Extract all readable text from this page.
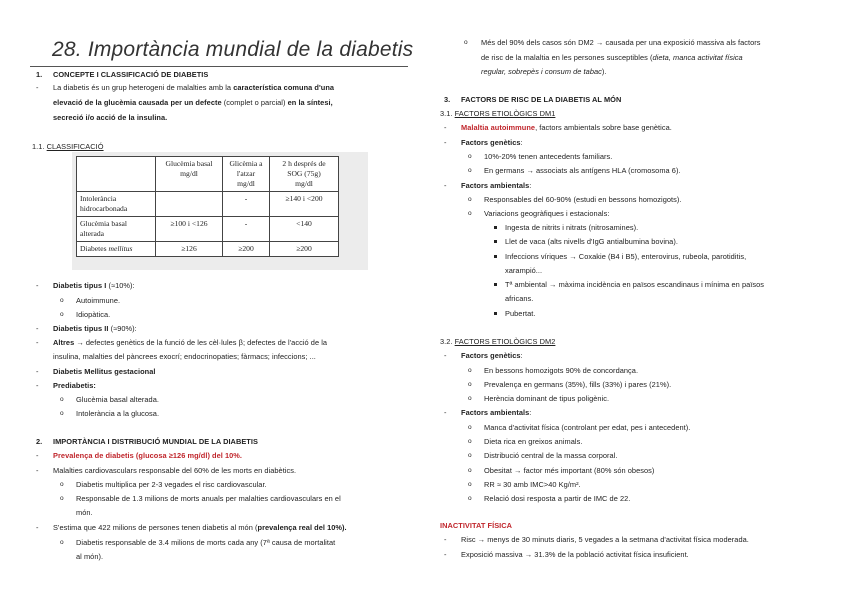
28. Importància mundial de la diabetis
1. CONCEPTE I CLASSIFICACIÓ DE DIABETIS
- La diabetis és un grup heterogeni de malalties amb la característica comuna d'una
elevació de la glucèmia causada per un defecte (complet o parcial) en la síntesi,
secreció i/o acció de la insulina.
1.1. CLASSIFICACIÓ
	Glucèmia basal
mg/dl	Glicèmia a
l'atzar
mg/dl	2 h després de
SOG (75g)
mg/dl
Intolerància
hidrocarbonada		-	≥140 i <200
Glucèmia basal
alterada	≥100 i <126	-	<140
Diabetes mellitus	≥126	≥200	≥200
- Diabetis tipus I (≈10%):
o Autoimmune.
o Idiopàtica.
- Diabetis tipus II (≈90%):
- Altres → defectes genètics de la funció de les cèl·lules β; defectes de l'acció de la
insulina, malalties del pàncrees exocrí; endocrinopaties; fàrmacs; infeccions; ...
- Diabetis Mellitus gestacional
- Prediabetis:
o Glucèmia basal alterada.
o Intolerància a la glucosa.
2. IMPORTÀNCIA I DISTRIBUCIÓ MUNDIAL DE LA DIABETIS
- Prevalença de diabetis (glucosa ≥126 mg/dl) del 10%.
- Malalties cardiovasculars responsable del 60% de les morts en diabètics.
o Diabetis multiplica per 2-3 vegades el risc cardiovascular.
o Responsable de 1.3 milions de morts anuals per malalties cardiovasculars en el
món.
- S'estima que 422 milions de persones tenen diabetis al món (prevalença real del 10%).
o Diabetis responsable de 3.4 milions de morts cada any (7ª causa de mortalitat
al món).
o Més del 90% dels casos són DM2 → causada per una exposició massiva als factors
de risc de la malaltia en les persones susceptibles (dieta, manca activitat física
regular, sobrepès i consum de tabac).
3. FACTORS DE RISC DE LA DIABETIS AL MÓN
3.1. FACTORS ETIOLÒGICS DM1
- Malaltia autoimmune, factors ambientals sobre base genètica.
- Factors genètics:
o 10%-20% tenen antecedents familiars.
o En germans → associats als antígens HLA (cromosoma 6).
- Factors ambientals:
o Responsables del 60-90% (estudi en bessons homozigots).
o Variacions geogràfiques i estacionals:
Ingesta de nitrits i nitrats (nitrosamines).
Llet de vaca (alts nivells d'IgG antialbumina bovina).
Infeccions víriques → Coxakie (B4 i B5), enterovirus, rubeola, parotiditis,
xarampió...
Tª ambiental → màxima incidència en països escandinaus i mínima en països
africans.
Pubertat.
3.2. FACTORS ETIOLÒGICS DM2
- Factors genètics:
o En bessons homozigots 90% de concordança.
o Prevalença en germans (35%), fills (33%) i pares (21%).
o Herència dominant de tipus poligènic.
- Factors ambientals:
o Manca d'activitat física (controlant per edat, pes i antecedent).
o Dieta rica en greixos animals.
o Distribució central de la massa corporal.
o Obesitat → factor més important (80% són obesos)
o RR ≈ 30 amb IMC>40 Kg/m².
o Relació dosi resposta a partir de IMC de 22.
INACTIVITAT FÍSICA
- Risc → menys de 30 minuts diaris, 5 vegades a la setmana d'activitat física moderada.
- Exposició massiva → 31.3% de la població activitat física insuficient.
